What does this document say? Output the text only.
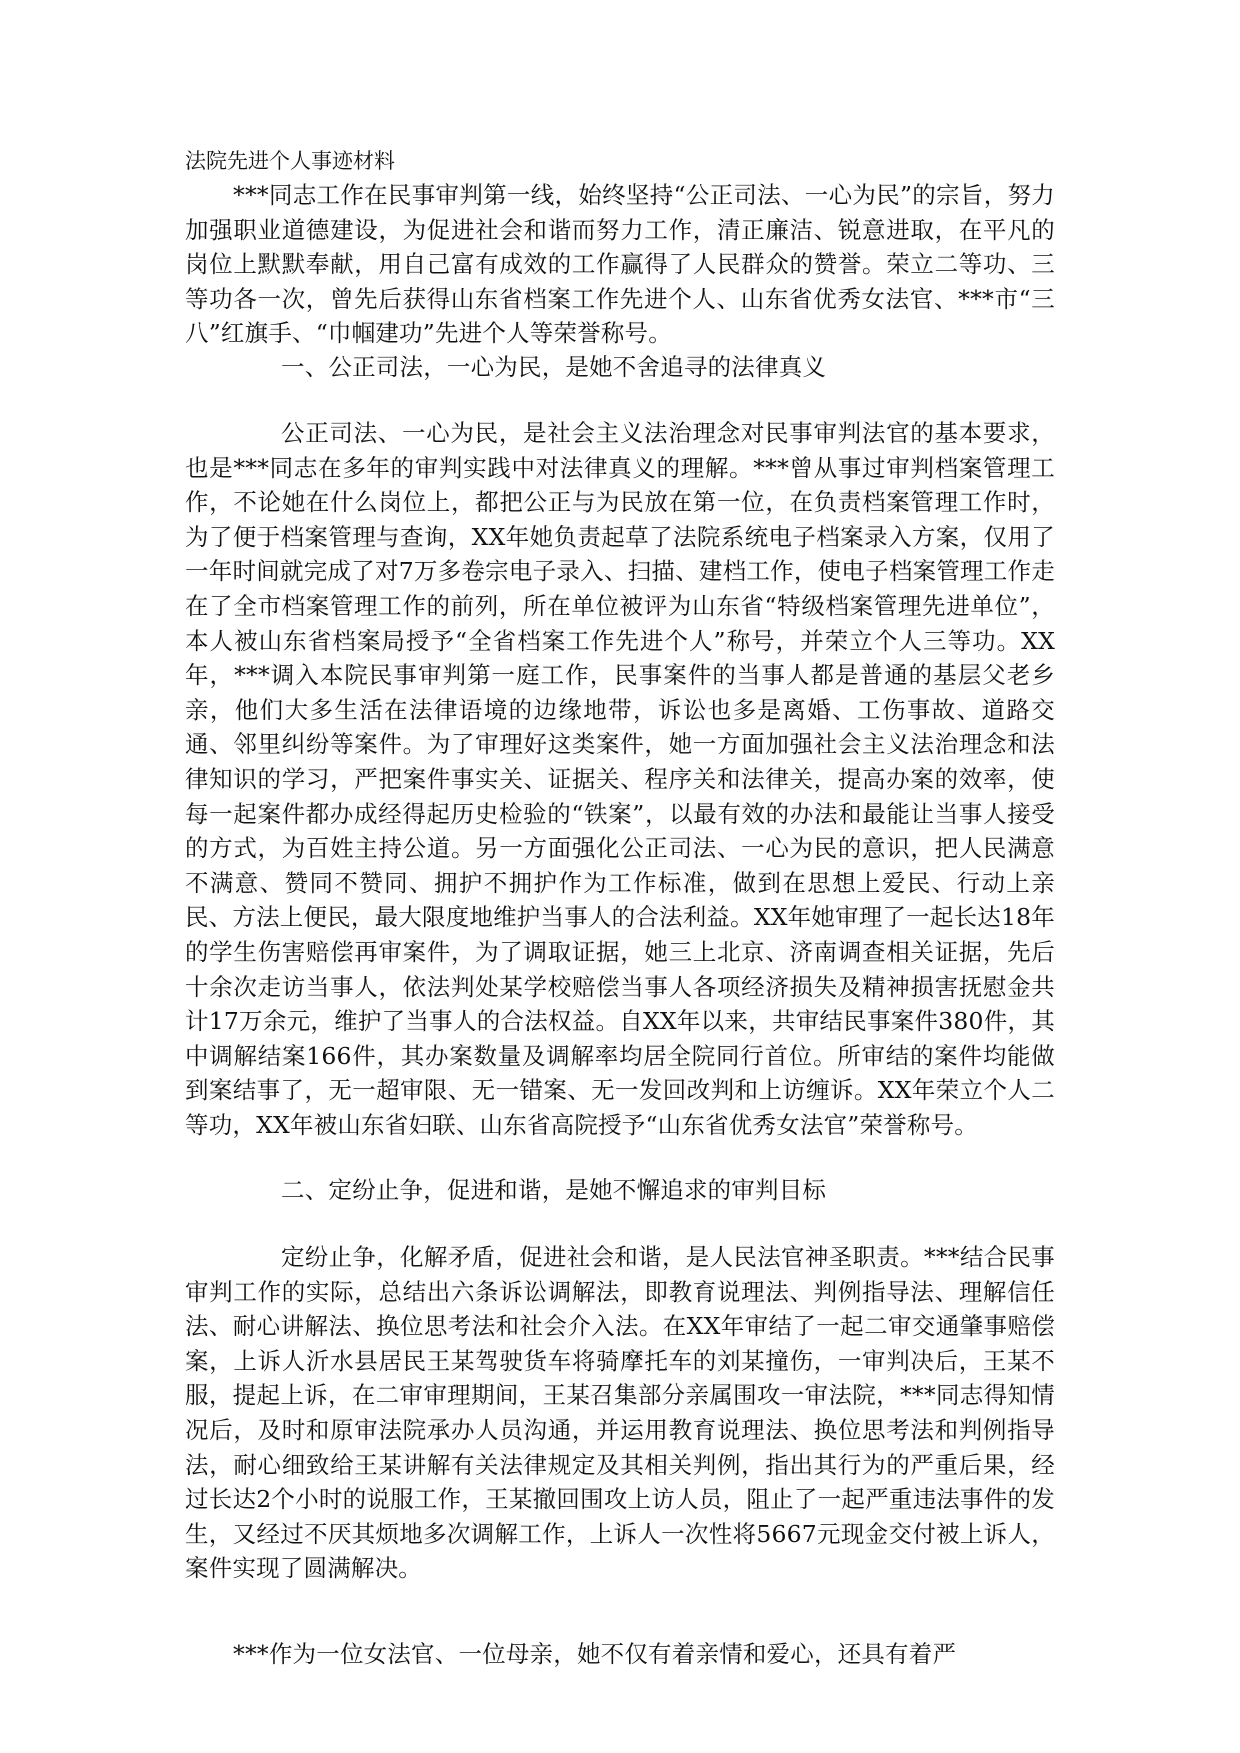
法院先进个人事迹材料

***同志工作在民事审判第一线，始终坚持“公正司法、一心为民”的宗旨，努力加强职业道德建设，为促进社会和谐而努力工作，清正廉洁、锐意进取，在平凡的岗位上默默奉献，用自己富有成效的工作赢得了人民群众的赞誉。荣立二等功、三等功各一次，曾先后获得山东省档案工作先进个人、山东省优秀女法官、***市“三八”红旗手、“巾帼建功”先进个人等荣誉称号。

一、公正司法，一心为民，是她不舍追寻的法律真义

公正司法、一心为民，是社会主义法治理念对民事审判法官的基本要求，也是***同志在多年的审判实践中对法律真义的理解。***曾从事过审判档案管理工作，不论她在什么岗位上，都把公正与为民放在第一位，在负责档案管理工作时，为了便于档案管理与查询，XX年她负责起草了法院系统电子档案录入方案，仅用了一年时间就完成了对7万多卷宗电子录入、扫描、建档工作，使电子档案管理工作走在了全市档案管理工作的前列，所在单位被评为山东省“特级档案管理先进单位”，本人被山东省档案局授予“全省档案工作先进个人”称号，并荣立个人三等功。XX年，***调入本院民事审判第一庭工作，民事案件的当事人都是普通的基层父老乡亲，他们大多生活在法律语境的边缘地带，诉讼也多是离婚、工伤事故、道路交通、邻里纠纷等案件。为了审理好这类案件，她一方面加强社会主义法治理念和法律知识的学习，严把案件事实关、证据关、程序关和法律关，提高办案的效率，使每一起案件都办成经得起历史检验的“铁案”，以最有效的办法和最能让当事人接受的方式，为百姓主持公道。另一方面强化公正司法、一心为民的意识，把人民满意不满意、赞同不赞同、拥护不拥护作为工作标准，做到在思想上爱民、行动上亲民、方法上便民，最大限度地维护当事人的合法利益。XX年她审理了一起长达18年的学生伤害赔偿再审案件，为了调取证据，她三上北京、济南调查相关证据，先后十余次走访当事人，依法判处某学校赔偿当事人各项经济损失及精神损害抚慰金共计17万余元，维护了当事人的合法权益。自XX年以来，共审结民事案件380件，其中调解结案166件，其办案数量及调解率均居全院同行首位。所审结的案件均能做到案结事了，无一超审限、无一错案、无一发回改判和上访缠诉。XX年荣立个人二等功，XX年被山东省妇联、山东省高院授予“山东省优秀女法官”荣誉称号。

二、定纷止争，促进和谐，是她不懈追求的审判目标

定纷止争，化解矛盾，促进社会和谐，是人民法官神圣职责。***结合民事审判工作的实际，总结出六条诉讼调解法，即教育说理法、判例指导法、理解信任法、耐心讲解法、换位思考法和社会介入法。在XX年审结了一起二审交通肇事赔偿案，上诉人沂水县居民王某驾驶货车将骑摩托车的刘某撞伤，一审判决后，王某不服，提起上诉，在二审审理期间，王某召集部分亲属围攻一审法院，***同志得知情况后，及时和原审法院承办人员沟通，并运用教育说理法、换位思考法和判例指导法，耐心细致给王某讲解有关法律规定及其相关判例，指出其行为的严重后果，经过长达2个小时的说服工作，王某撤回围攻上访人员，阻止了一起严重违法事件的发生，又经过不厌其烦地多次调解工作，上诉人一次性将5667元现金交付被上诉人，案件实现了圆满解决。

***作为一位女法官、一位母亲，她不仅有着亲情和爱心，还具有着严
